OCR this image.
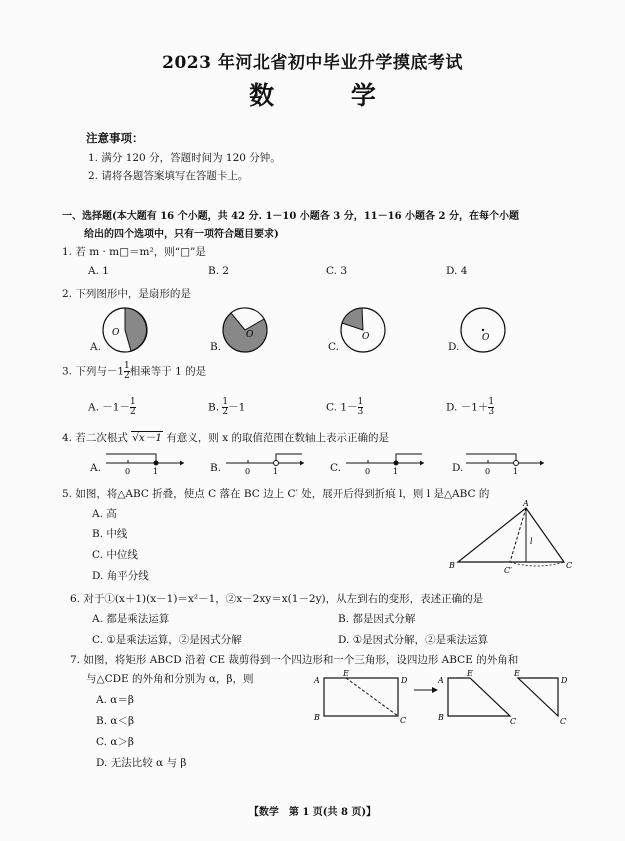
2023 年河北省初中毕业升学摸底考试
数 学
注意事项：
1. 满分 120 分，答题时间为 120 分钟。
2. 请将各题答案填写在答题卡上。
一、选择题(本大题有 16 个小题，共 42 分. 1－10 小题各 3 分，11－16 小题各 2 分，在每个小题
给出的四个选项中，只有一项符合题目要求)
1. 若 m · m□＝m²，则“□”是
A. 1	B. 2	C. 3	D. 4
2. 下列图形中，是扇形的是
A.	B.	C.	D.
O	O	O	O
3. 下列与$-1 \frac{1}{2}$ 相乘等于 1 的是
A. $-1- \frac{1}{2}$	B. $\frac{1}{2} -1$	C. $1- \frac{1}{3}$	D. $-1+ \frac{1}{3}$
4. 若二次根式 √x－1 有意义，则 x 的取值范围在数轴上表示正确的是
A.	B.	C.	D.
0	1	0	1	0	1	0	1
5. 如图，将△ABC 折叠，使点 C 落在 BC 边上 C′ 处，展开后得到折痕 l，则 l 是△ABC 的
A. 高
B. 中线
C. 中位线
D. 角平分线
A
B
C′
C
l
6. 对于①(x＋1)(x－1)＝x²－1，②x－2xy＝x(1－2y)，从左到右的变形，表述正确的是
A. 都是乘法运算	B. 都是因式分解
C. ①是乘法运算，②是因式分解	D. ①是因式分解，②是乘法运算
7. 如图，将矩形 ABCD 沿着 CE 裁剪得到一个四边形和一个三角形，设四边形 ABCE 的外角和
与△CDE 的外角和分别为 α，β，则
A. α＝β
B. α＜β
C. α＞β
D. 无法比较 α 与 β
A
E
D
B	C
A
E
B	C
E
D
C
【数学　第 1 页(共 8 页)】
